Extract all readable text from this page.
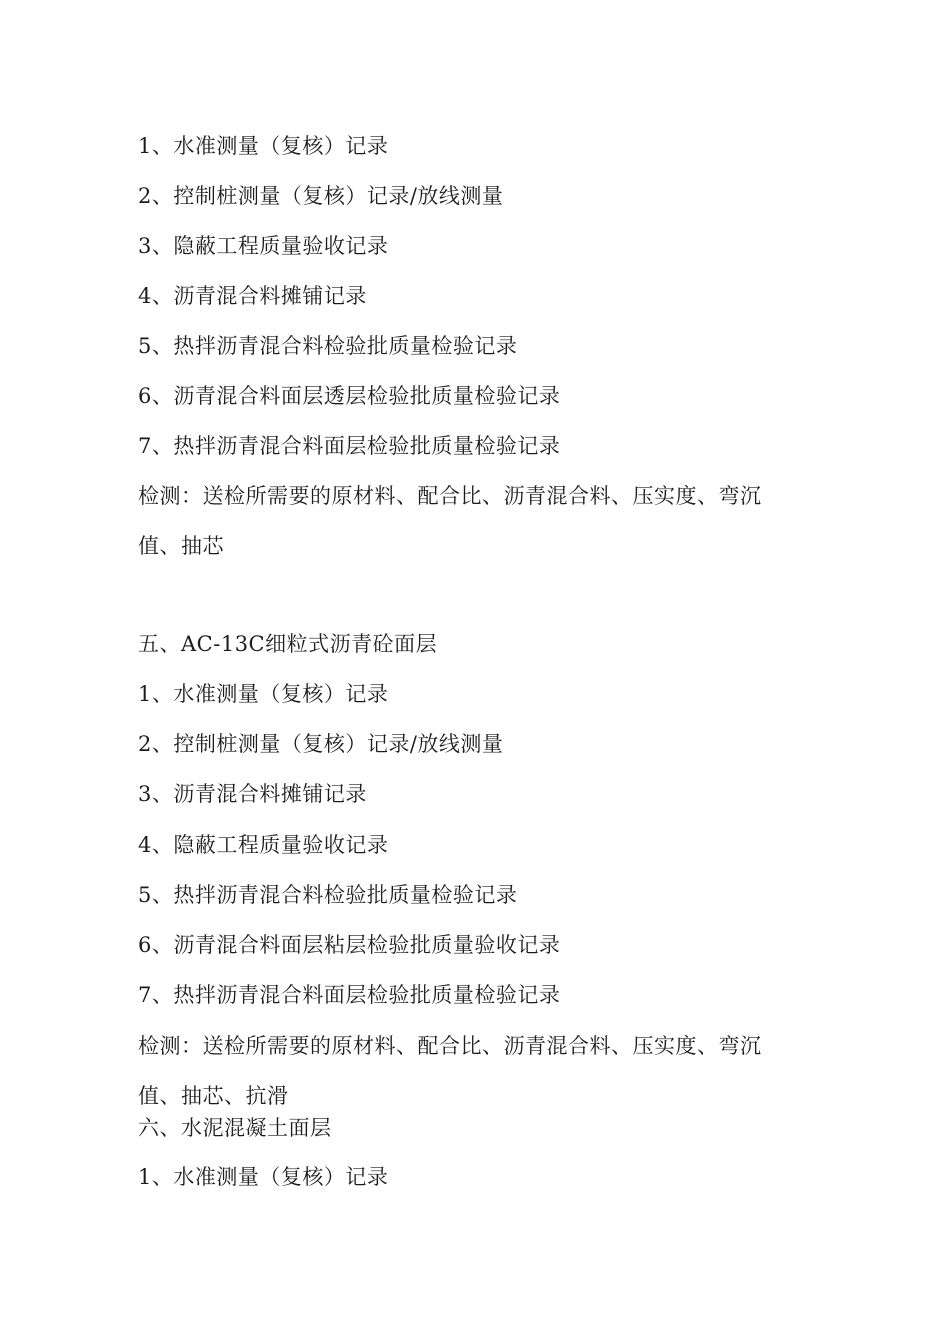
1、水准测量（复核）记录

2、控制桩测量（复核）记录/放线测量

3、隐蔽工程质量验收记录

4、沥青混合料摊铺记录

5、热拌沥青混合料检验批质量检验记录

6、沥青混合料面层透层检验批质量检验记录

7、热拌沥青混合料面层检验批质量检验记录

检测：送检所需要的原材料、配合比、沥青混合料、压实度、弯沉

值、抽芯

五、AC-13C细粒式沥青砼面层

1、水准测量（复核）记录

2、控制桩测量（复核）记录/放线测量

3、沥青混合料摊铺记录

4、隐蔽工程质量验收记录

5、热拌沥青混合料检验批质量检验记录

6、沥青混合料面层粘层检验批质量验收记录

7、热拌沥青混合料面层检验批质量检验记录

检测：送检所需要的原材料、配合比、沥青混合料、压实度、弯沉

值、抽芯、抗滑

六、水泥混凝土面层

1、水准测量（复核）记录
